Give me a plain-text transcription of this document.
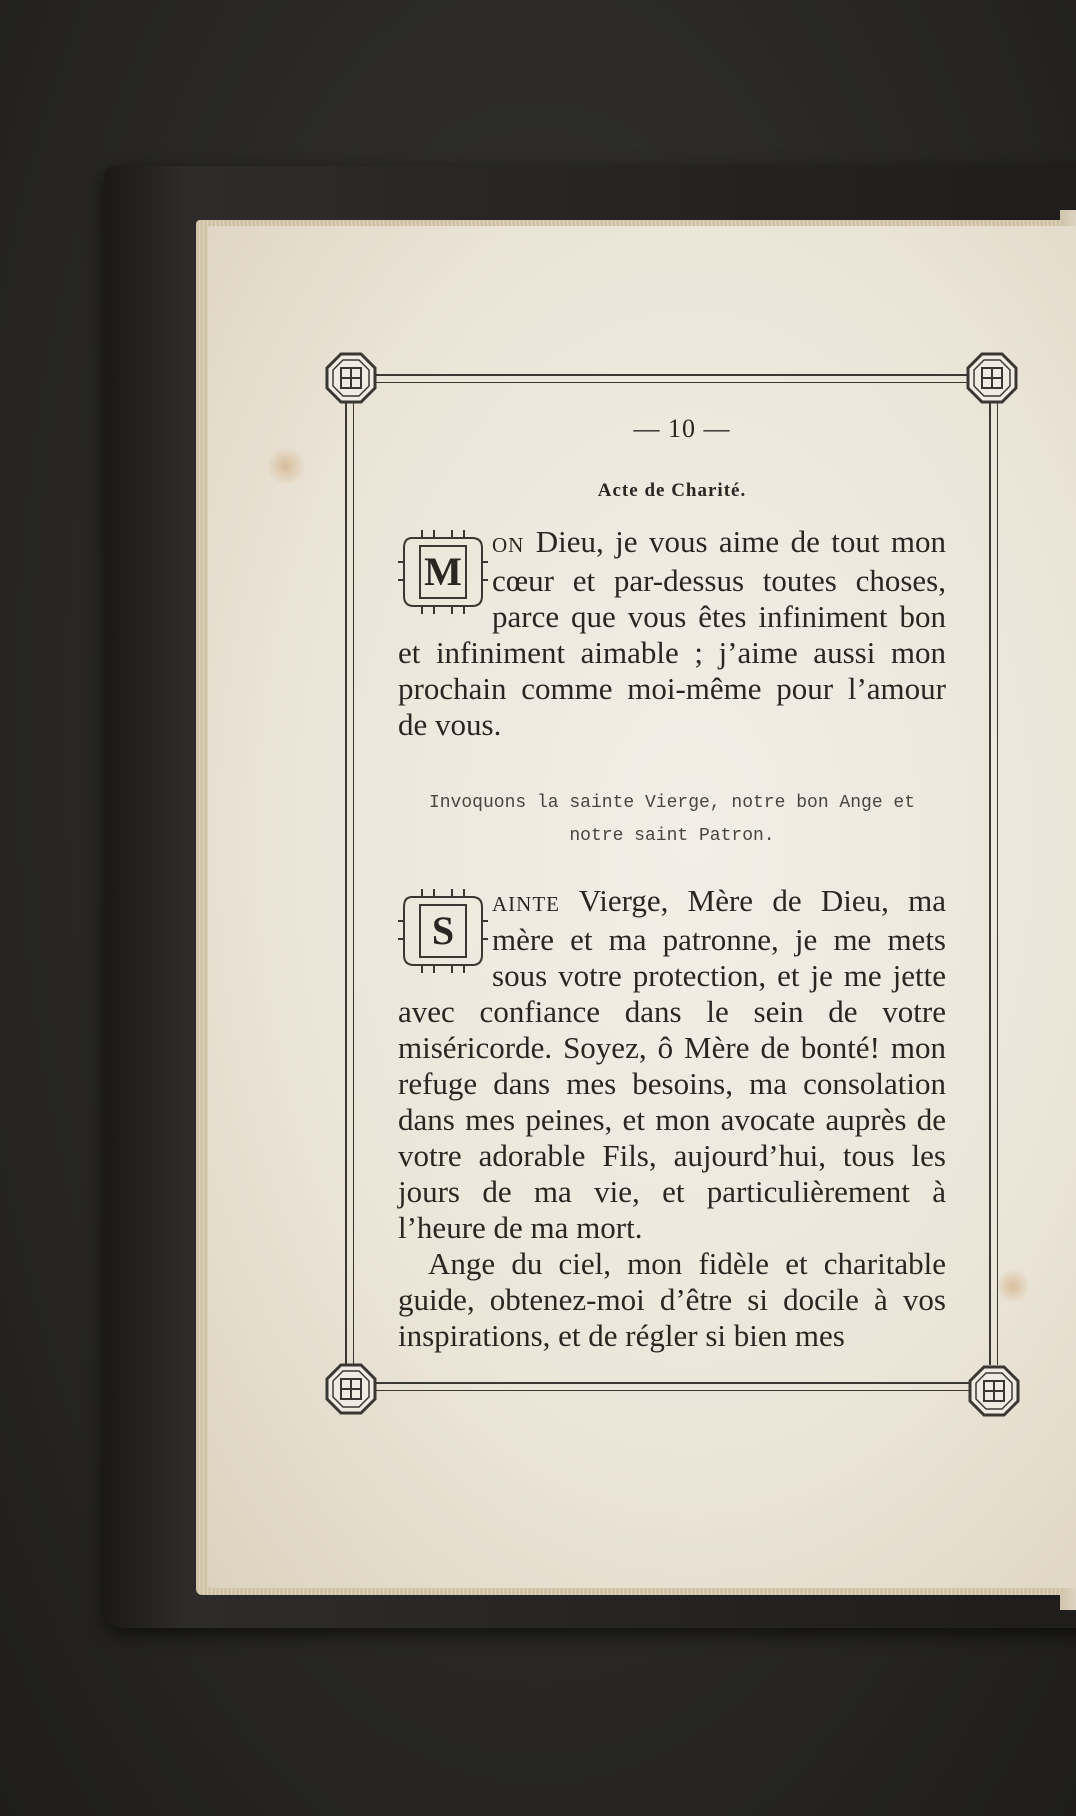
— 10 —
Acte de Charité.
M
ON Dieu, je vous aime de tout mon cœur et par-dessus toutes choses, parce que vous êtes infiniment bon et infiniment aimable ; j’aime aussi mon prochain comme moi-même pour l’amour de vous.
Invoquons la sainte Vierge, notre bon Ange et
notre saint Patron.
S
AINTE Vierge, Mère de Dieu, ma mère et ma patronne, je me mets sous votre protection, et je me jette avec confiance dans le sein de votre miséricorde. Soyez, ô Mère de bonté! mon refuge dans mes besoins, ma consolation dans mes peines, et mon avocate auprès de votre adorable Fils, aujourd’hui, tous les jours de ma vie, et particulièrement à l’heure de ma mort.
Ange du ciel, mon fidèle et charitable guide, obtenez-moi d’être si docile à vos inspirations, et de régler si bien mes
